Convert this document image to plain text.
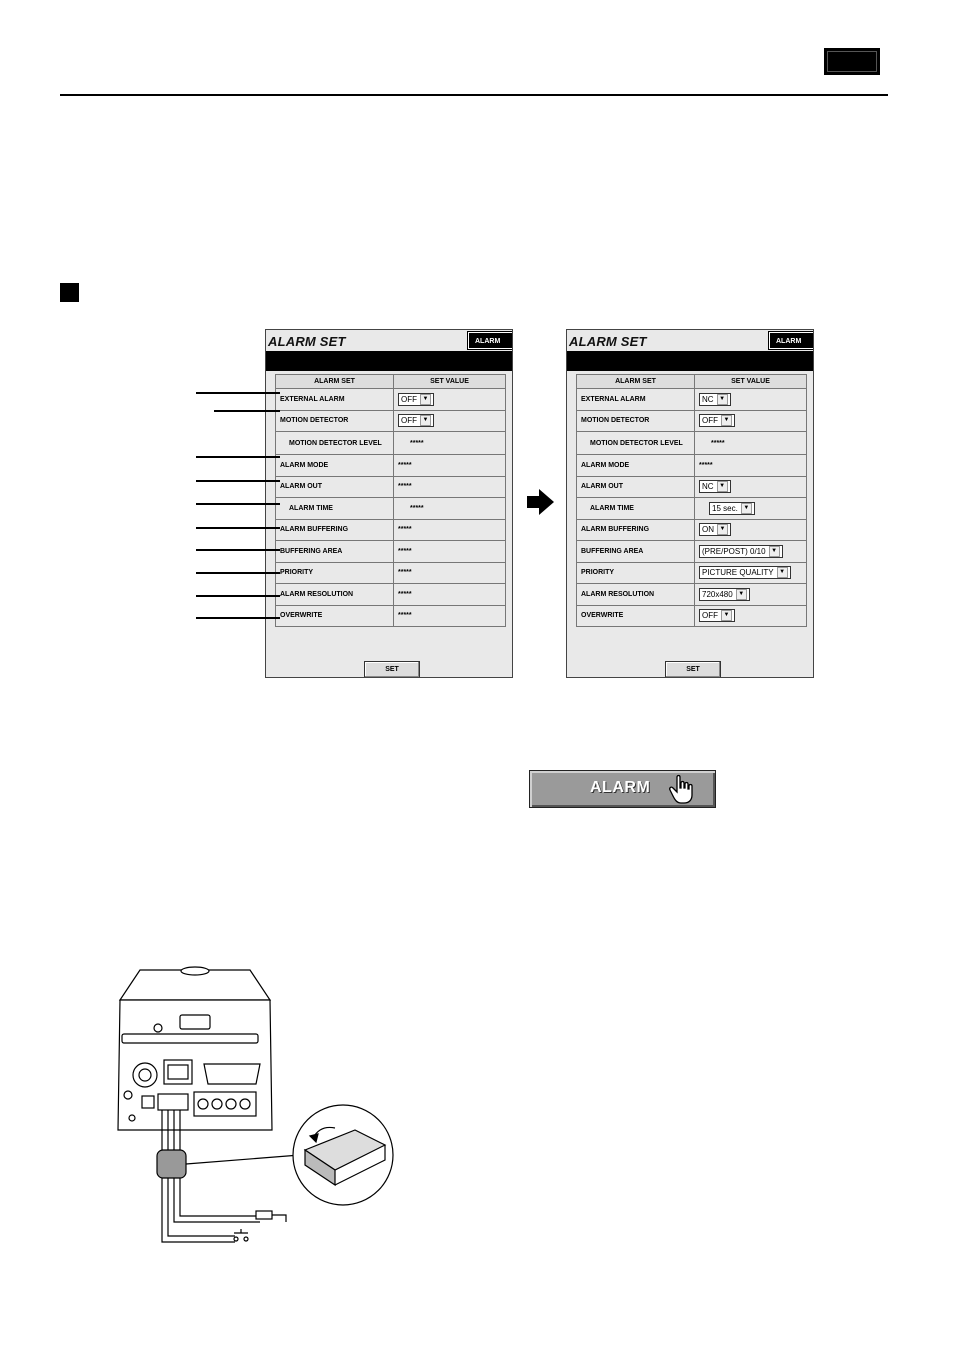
ALARM SET	ALARM
ALARM SET	SET VALUE
EXTERNAL ALARM	OFF ▼
MOTION DETECTOR	OFF ▼
MOTION DETECTOR LEVEL	*****
ALARM MODE	*****
ALARM OUT	*****
ALARM TIME	*****
ALARM BUFFERING	*****
BUFFERING AREA	*****
PRIORITY	*****
ALARM RESOLUTION	*****
OVERWRITE	*****
SET
ALARM SET	ALARM
ALARM SET	SET VALUE
EXTERNAL ALARM	NC ▼
MOTION DETECTOR	OFF ▼
MOTION DETECTOR LEVEL	*****
ALARM MODE	*****
ALARM OUT	NC ▼
ALARM TIME	15 sec. ▼
ALARM BUFFERING	ON ▼
BUFFERING AREA	(PRE/POST) 0/10 ▼
PRIORITY	PICTURE QUALITY ▼
ALARM RESOLUTION	720x480 ▼
OVERWRITE	OFF ▼
SET
ALARM
